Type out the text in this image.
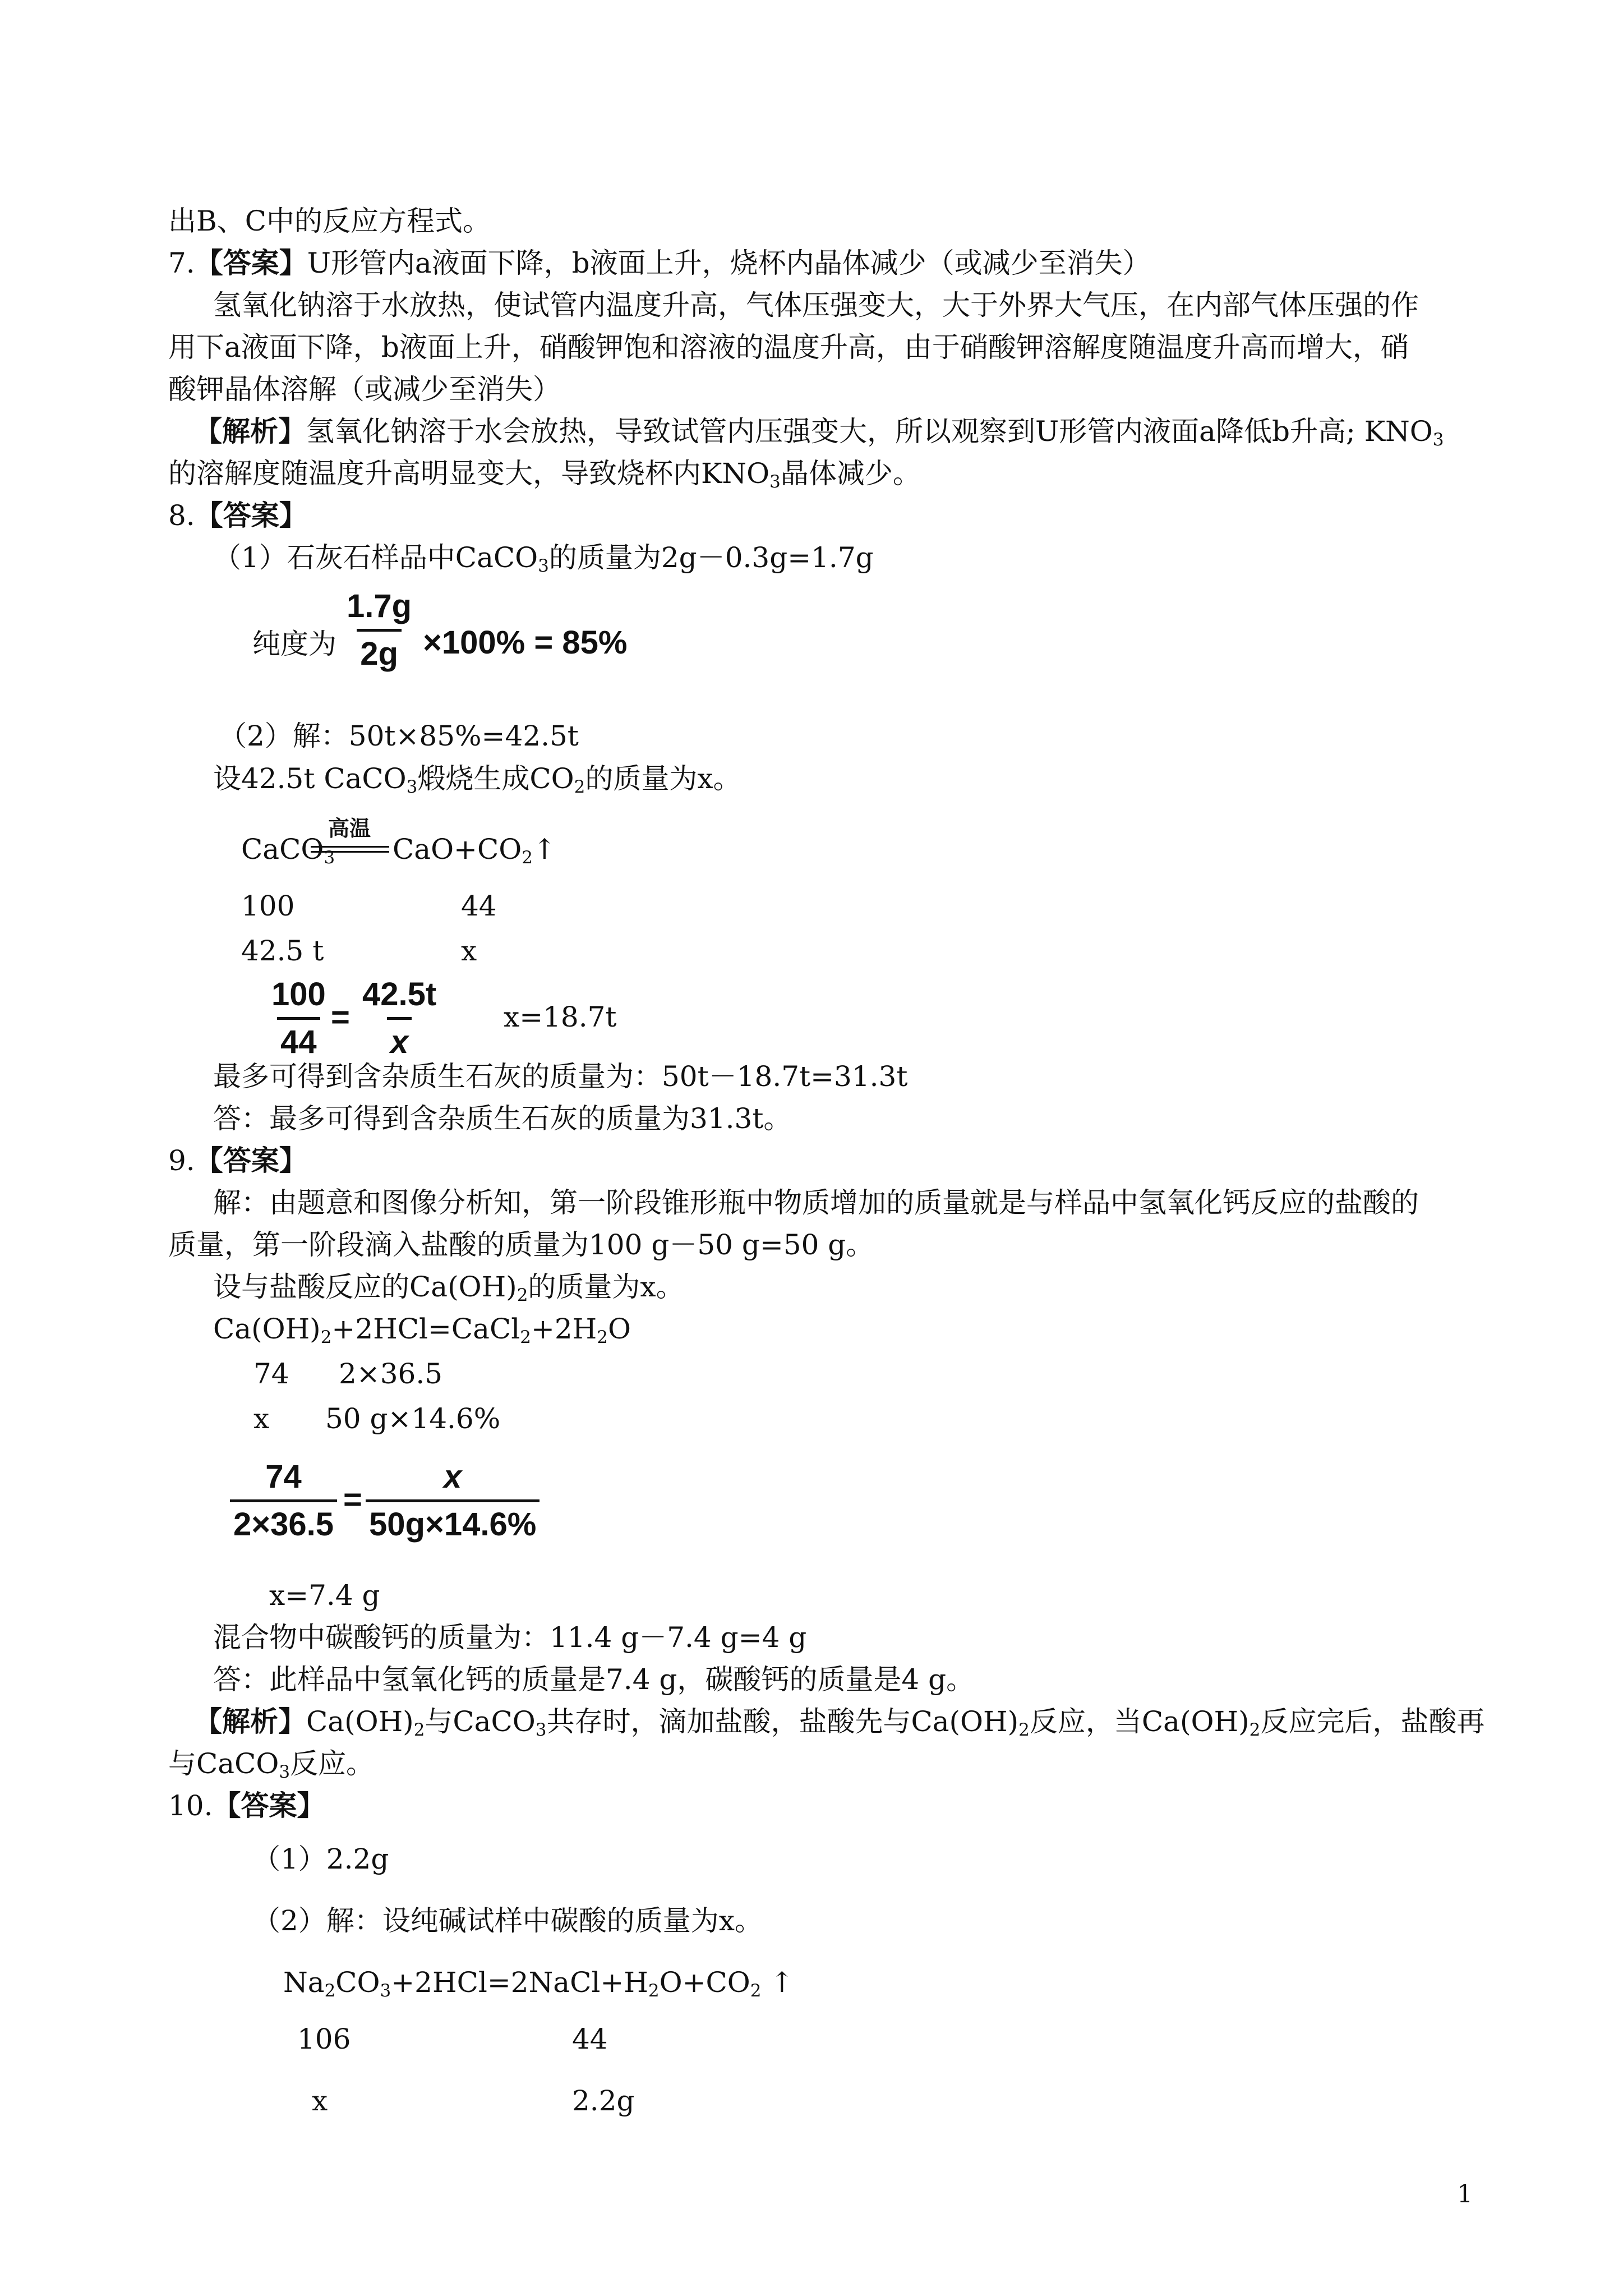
出B、C中的反应方程式。
7.【答案】U形管内a液面下降，b液面上升，烧杯内晶体减少（或减少至消失）
氢氧化钠溶于水放热，使试管内温度升高，气体压强变大，大于外界大气压，在内部气体压强的作
用下a液面下降，b液面上升，硝酸钾饱和溶液的温度升高，由于硝酸钾溶解度随温度升高而增大，硝
酸钾晶体溶解（或减少至消失）
【解析】氢氧化钠溶于水会放热，导致试管内压强变大，所以观察到U形管内液面a降低b升高; $KNO_3$
的溶解度随温度升高明显变大，导致烧杯内$KNO_3$晶体减少。
8.【答案】
（1）石灰石样品中CaCO$_3$的质量为2g－0.3g=1.7g
纯度为 $\frac{1.7g}{2g} \times 100\% = 85\%$
（2）解：50t×85%=42.5t
设42.5t CaCO$_3$煅烧生成$CO_2$的质量为x。
高温
CaCO$_3$ $CaO+CO_2↑$
100	44
42.5 t	x
$\frac{100}{44} = \frac{42.5t}{x} x=18.7t$
最多可得到含杂质生石灰的质量为：50t－18.7t=31.3t
答：最多可得到含杂质生石灰的质量为31.3t。
9.【答案】
解：由题意和图像分析知，第一阶段锥形瓶中物质增加的质量就是与样品中氢氧化钙反应的盐酸的
质量，第一阶段滴入盐酸的质量为100 g－50 g=50 g。
设与盐酸反应的$Ca(OH)_2$的质量为x。
$Ca(OH)_2+2HCl=CaCl_2+2H_2O$
74 2×36.5
x 50 g×14.6%
$\frac{74}{2\times 36.5} = \frac{x}{50g\times 14.6\%}$
x=7.4 g
混合物中碳酸钙的质量为：11.4 g－7.4 g=4 g
答：此样品中氢氧化钙的质量是7.4 g，碳酸钙的质量是4 g。
【解析】$Ca(OH)_2$与CaCO$_3$共存时，滴加盐酸，盐酸先与$Ca(OH)_2$反应，当$Ca(OH)_2$反应完后，盐酸再
与CaCO$_3$反应。
10.【答案】
（1）2.2g
（2）解：设纯碱试样中碳酸的质量为x。
$Na_2CO_3+2HCl=2NaCl+H_2O+CO_2$ ↑
106	44
x	2.2g
1
